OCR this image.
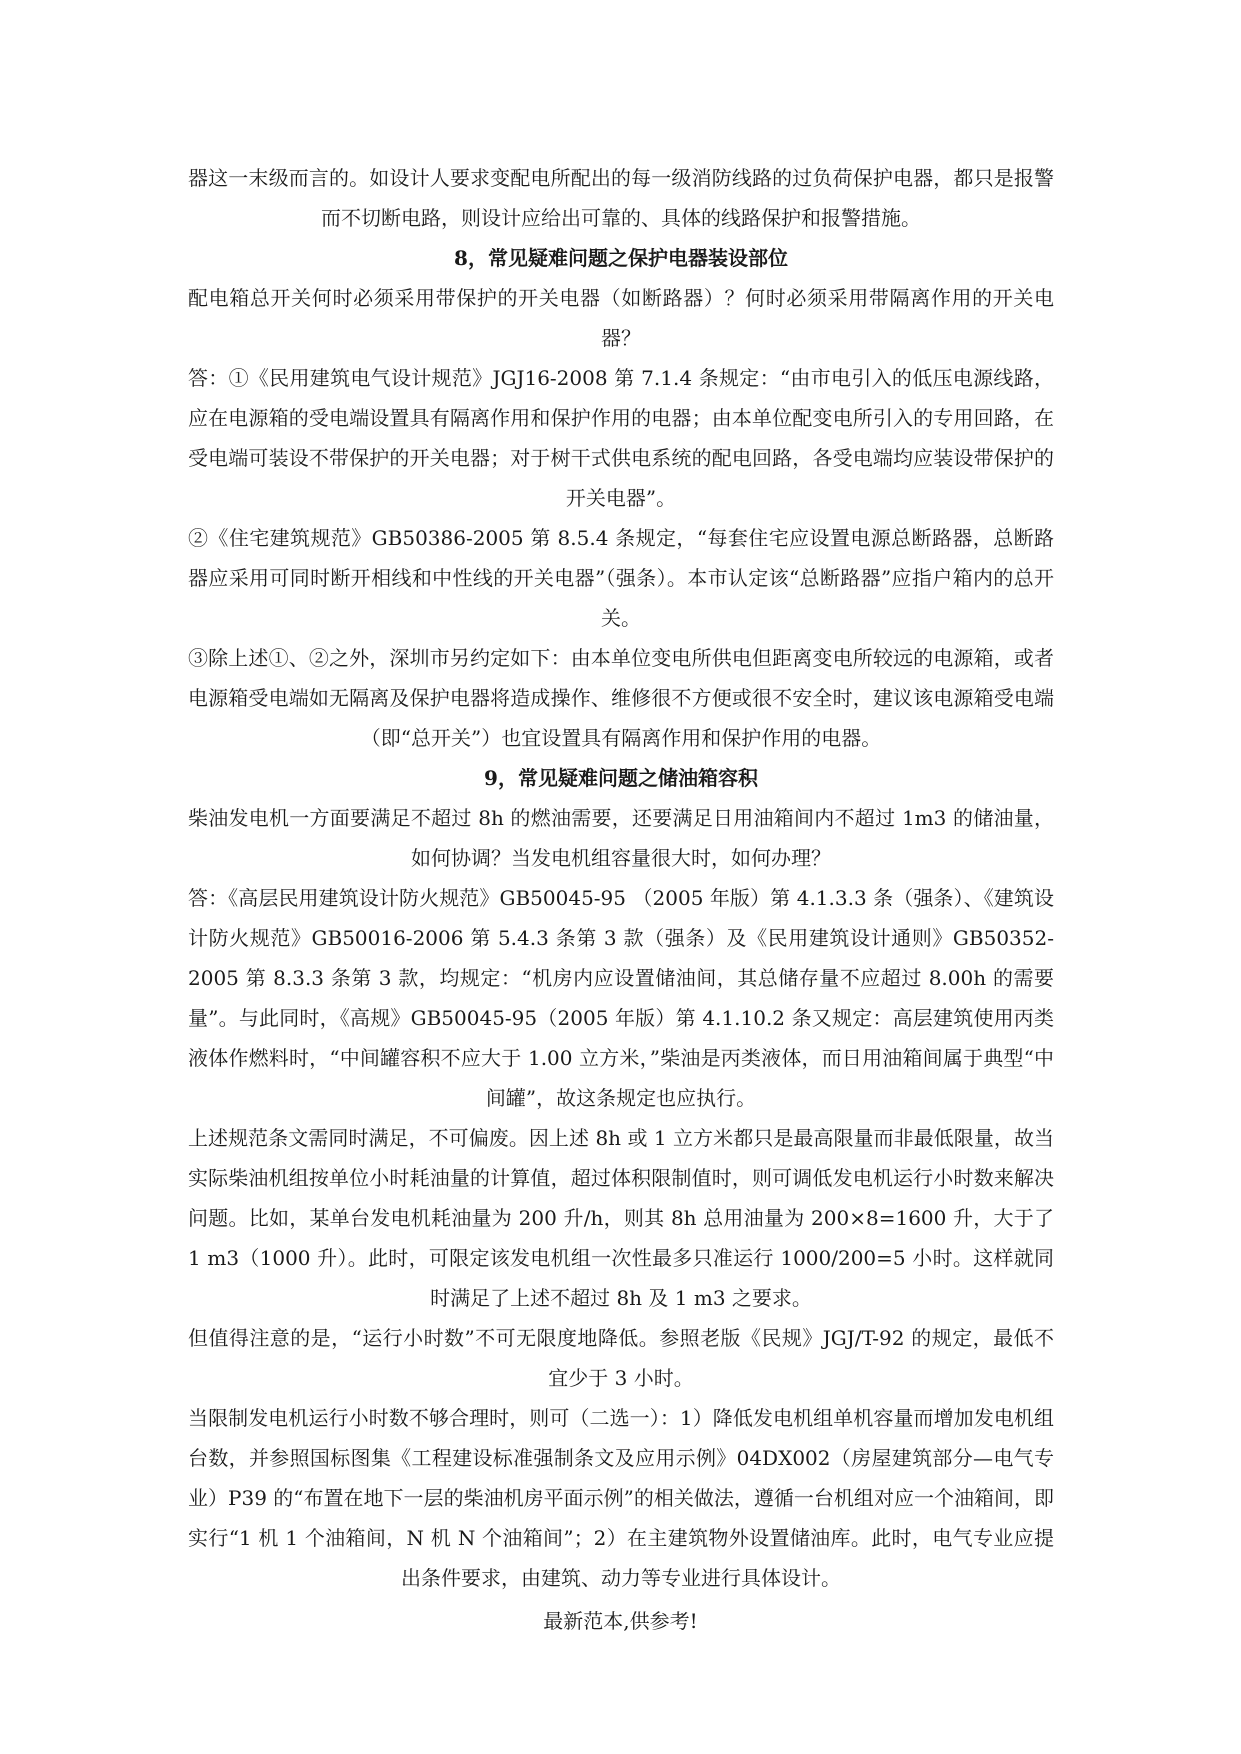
器这一末级而言的。如设计人要求变配电所配出的每一级消防线路的过负荷保护电器，都只是报警而不切断电路，则设计应给出可靠的、具体的线路保护和报警措施。

8，常见疑难问题之保护电器装设部位

配电箱总开关何时必须采用带保护的开关电器（如断路器）？何时必须采用带隔离作用的开关电器？

答：①《民用建筑电气设计规范》JGJ16-2008 第 7.1.4 条规定：“由市电引入的低压电源线路，应在电源箱的受电端设置具有隔离作用和保护作用的电器；由本单位配变电所引入的专用回路，在受电端可装设不带保护的开关电器；对于树干式供电系统的配电回路，各受电端均应装设带保护的开关电器”。

②《住宅建筑规范》GB50386-2005 第 8.5.4 条规定，“每套住宅应设置电源总断路器，总断路器应采用可同时断开相线和中性线的开关电器”（强条）。本市认定该“总断路器”应指户箱内的总开关。

③除上述①、②之外，深圳市另约定如下：由本单位变电所供电但距离变电所较远的电源箱，或者电源箱受电端如无隔离及保护电器将造成操作、维修很不方便或很不安全时，建议该电源箱受电端（即“总开关”）也宜设置具有隔离作用和保护作用的电器。

9，常见疑难问题之储油箱容积

柴油发电机一方面要满足不超过 8h 的燃油需要，还要满足日用油箱间内不超过 1m3 的储油量，如何协调？当发电机组容量很大时，如何办理？

答：《高层民用建筑设计防火规范》GB50045-95 （2005 年版）第 4.1.3.3 条（强条）、《建筑设计防火规范》GB50016-2006 第 5.4.3 条第 3 款（强条）及《民用建筑设计通则》GB50352-2005 第 8.3.3 条第 3 款，均规定：“机房内应设置储油间，其总储存量不应超过 8.00h 的需要量”。与此同时，《高规》GB50045-95（2005 年版）第 4.1.10.2 条又规定：高层建筑使用丙类液体作燃料时，“中间罐容积不应大于 1.00 立方米，”柴油是丙类液体，而日用油箱间属于典型“中间罐”，故这条规定也应执行。

上述规范条文需同时满足，不可偏废。因上述 8h 或 1 立方米都只是最高限量而非最低限量，故当实际柴油机组按单位小时耗油量的计算值，超过体积限制值时，则可调低发电机运行小时数来解决问题。比如，某单台发电机耗油量为 200 升/h，则其 8h 总用油量为 200×8=1600 升，大于了 1 m3（1000 升）。此时，可限定该发电机组一次性最多只准运行 1000/200=5 小时。这样就同时满足了上述不超过 8h 及 1 m3 之要求。

但值得注意的是，“运行小时数”不可无限度地降低。参照老版《民规》JGJ/T-92 的规定，最低不宜少于 3 小时。

当限制发电机运行小时数不够合理时，则可（二选一）：1）降低发电机组单机容量而增加发电机组台数，并参照国标图集《工程建设标准强制条文及应用示例》04DX002（房屋建筑部分—电气专业）P39 的“布置在地下一层的柴油机房平面示例”的相关做法，遵循一台机组对应一个油箱间，即实行“1 机 1 个油箱间，N 机 N 个油箱间”；2）在主建筑物外设置储油库。此时，电气专业应提出条件要求，由建筑、动力等专业进行具体设计。

最新范本,供参考!
